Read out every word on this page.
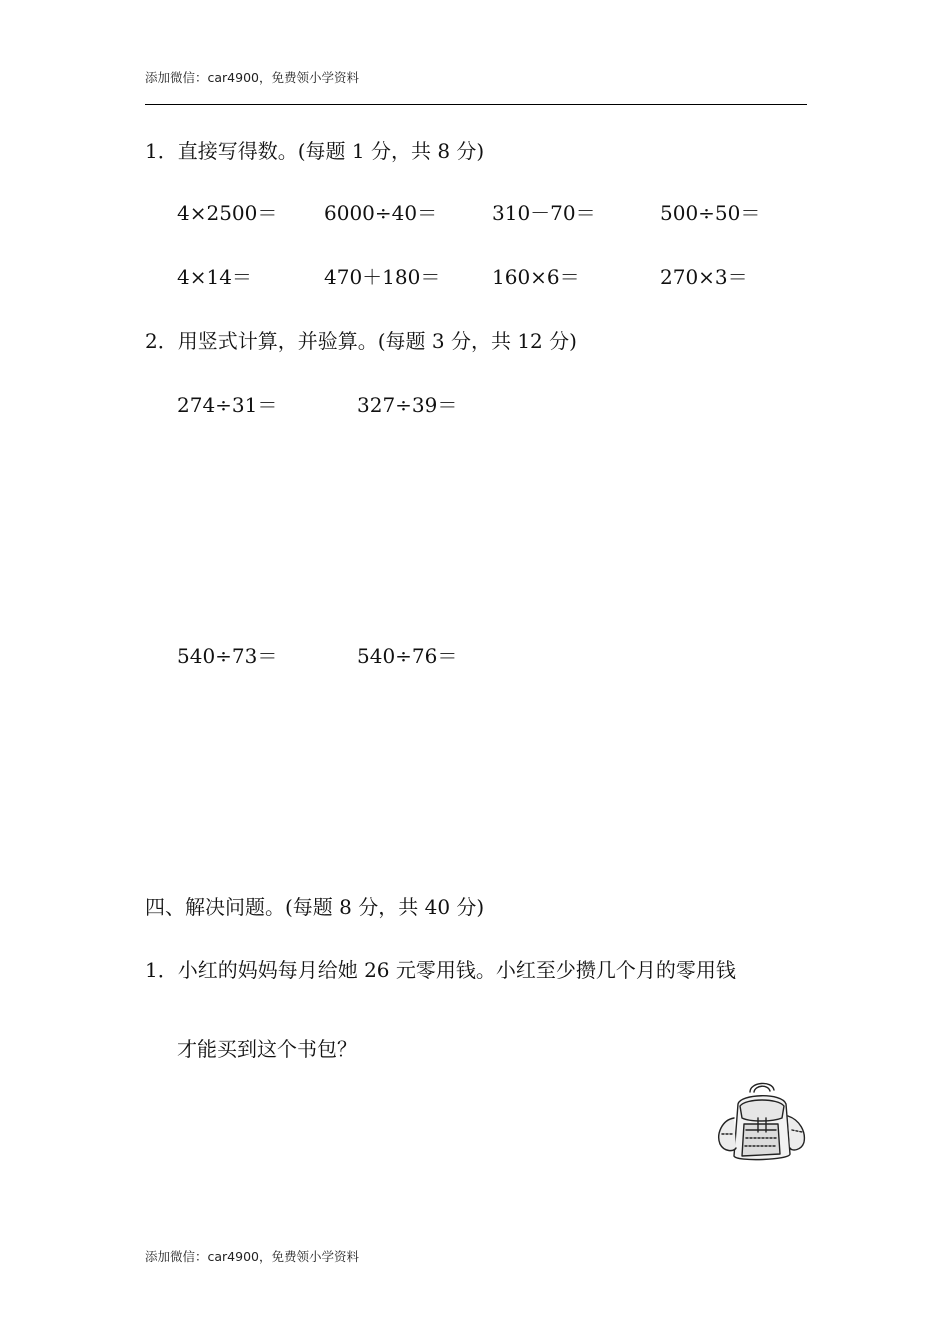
添加微信：car4900，免费领小学资料
1．直接写得数。(每题 1 分，共 8 分)
4×2500＝ 6000÷40＝	310－70＝	500÷50＝
4×14＝	470＋180＝	160×6＝	270×3＝
2．用竖式计算，并验算。(每题 3 分，共 12 分)
274÷31＝	327÷39＝
540÷73＝	540÷76＝
四、解决问题。(每题 8 分，共 40 分)
1．小红的妈妈每月给她 26 元零用钱。小红至少攒几个月的零用钱
才能买到这个书包？
添加微信：car4900，免费领小学资料
